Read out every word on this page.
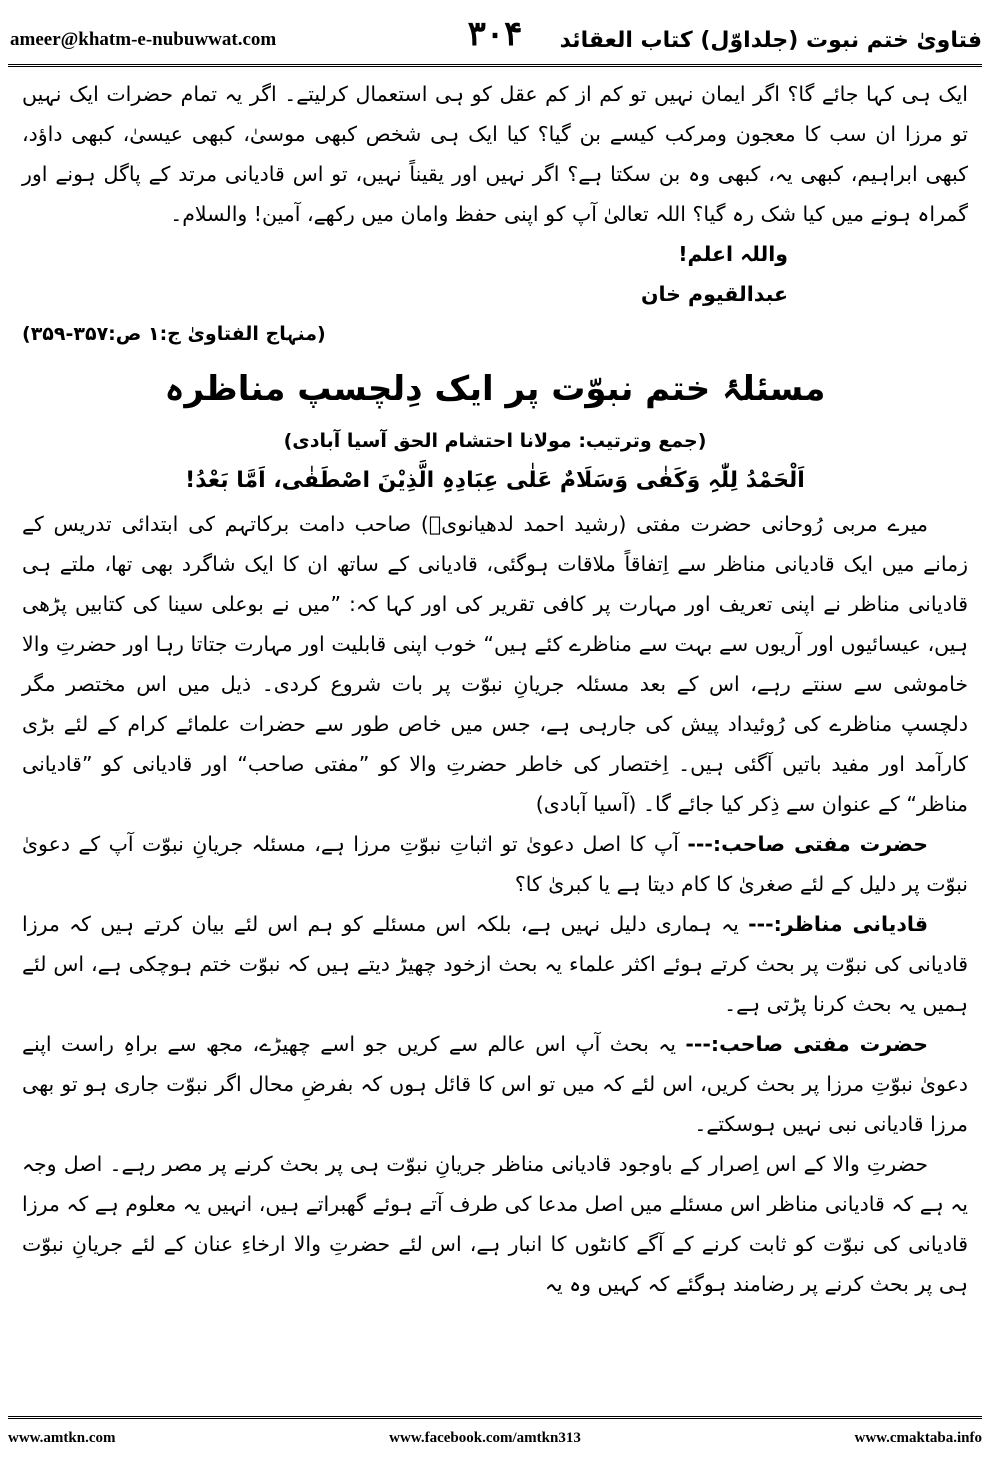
ameer@khatm-e-nubuwwat.com	۳۰۴ فتاویٰ ختم نبوت (جلداوّل) کتاب العقائد

ایک ہی کہا جائے گا؟ اگر ایمان نہیں تو کم از کم عقل کو ہی استعمال کرلیتے۔ اگر یہ تمام حضرات ایک نہیں تو مرزا ان سب کا معجون ومرکب کیسے بن گیا؟ کیا ایک ہی شخص کبھی موسیٰ، کبھی عیسیٰ، کبھی داؤد، کبھی ابراہیم، کبھی یہ، کبھی وہ بن سکتا ہے؟ اگر نہیں اور یقیناً نہیں، تو اس قادیانی مرتد کے پاگل ہونے اور گمراہ ہونے میں کیا شک رہ گیا؟ اللہ تعالیٰ آپ کو اپنی حفظ وامان میں رکھے، آمین! والسلام۔

واللہ اعلم!

عبدالقیوم خان

(منہاج الفتاویٰ ج:۱ ص:۳۵۷-۳۵۹)

مسئلۂ ختم نبوّت پر ایک دِلچسپ مناظرہ

(جمع وترتیب: مولانا احتشام الحق آسیا آبادی)

اَلْحَمْدُ لِلّٰہِ وَکَفٰی وَسَلَامٌ عَلٰی عِبَادِہِ الَّذِیْنَ اصْطَفٰی، اَمَّا بَعْدُ!

میرے مربی رُوحانی حضرت مفتی (رشید احمد لدھیانویؒ) صاحب دامت برکاتہم کی ابتدائی تدریس کے زمانے میں ایک قادیانی مناظر سے اِتفاقاً ملاقات ہوگئی، قادیانی کے ساتھ ان کا ایک شاگرد بھی تھا، ملتے ہی قادیانی مناظر نے اپنی تعریف اور مہارت پر کافی تقریر کی اور کہا کہ: ”میں نے بوعلی سینا کی کتابیں پڑھی ہیں، عیسائیوں اور آریوں سے بہت سے مناظرے کئے ہیں“ خوب اپنی قابلیت اور مہارت جتاتا رہا اور حضرتِ والا خاموشی سے سنتے رہے، اس کے بعد مسئلہ جریانِ نبوّت پر بات شروع کردی۔ ذیل میں اس مختصر مگر دلچسپ مناظرے کی رُوئیداد پیش کی جارہی ہے، جس میں خاص طور سے حضرات علمائے کرام کے لئے بڑی کارآمد اور مفید باتیں آگئی ہیں۔ اِختصار کی خاطر حضرتِ والا کو ”مفتی صاحب“ اور قادیانی کو ”قادیانی مناظر“ کے عنوان سے ذِکر کیا جائے گا۔ (آسیا آبادی)

حضرت مفتی صاحب:--- آپ کا اصل دعویٰ تو اثباتِ نبوّتِ مرزا ہے، مسئلہ جریانِ نبوّت آپ کے دعویٰ نبوّت پر دلیل کے لئے صغریٰ کا کام دیتا ہے یا کبریٰ کا؟

قادیانی مناظر:--- یہ ہماری دلیل نہیں ہے، بلکہ اس مسئلے کو ہم اس لئے بیان کرتے ہیں کہ مرزا قادیانی کی نبوّت پر بحث کرتے ہوئے اکثر علماء یہ بحث ازخود چھیڑ دیتے ہیں کہ نبوّت ختم ہوچکی ہے، اس لئے ہمیں یہ بحث کرنا پڑتی ہے۔

حضرت مفتی صاحب:--- یہ بحث آپ اس عالم سے کریں جو اسے چھیڑے، مجھ سے براہِ راست اپنے دعویٰ نبوّتِ مرزا پر بحث کریں، اس لئے کہ میں تو اس کا قائل ہوں کہ بفرضِ محال اگر نبوّت جاری ہو تو بھی مرزا قادیانی نبی نہیں ہوسکتے۔

حضرتِ والا کے اس اِصرار کے باوجود قادیانی مناظر جریانِ نبوّت ہی پر بحث کرنے پر مصر رہے۔ اصل وجہ یہ ہے کہ قادیانی مناظر اس مسئلے میں اصل مدعا کی طرف آتے ہوئے گھبراتے ہیں، انہیں یہ معلوم ہے کہ مرزا قادیانی کی نبوّت کو ثابت کرنے کے آگے کانٹوں کا انبار ہے، اس لئے حضرتِ والا ارخاءِ عنان کے لئے جریانِ نبوّت ہی پر بحث کرنے پر رضامند ہوگئے کہ کہیں وہ یہ

www.amtkn.com	www.facebook.com/amtkn313	www.cmaktaba.info
